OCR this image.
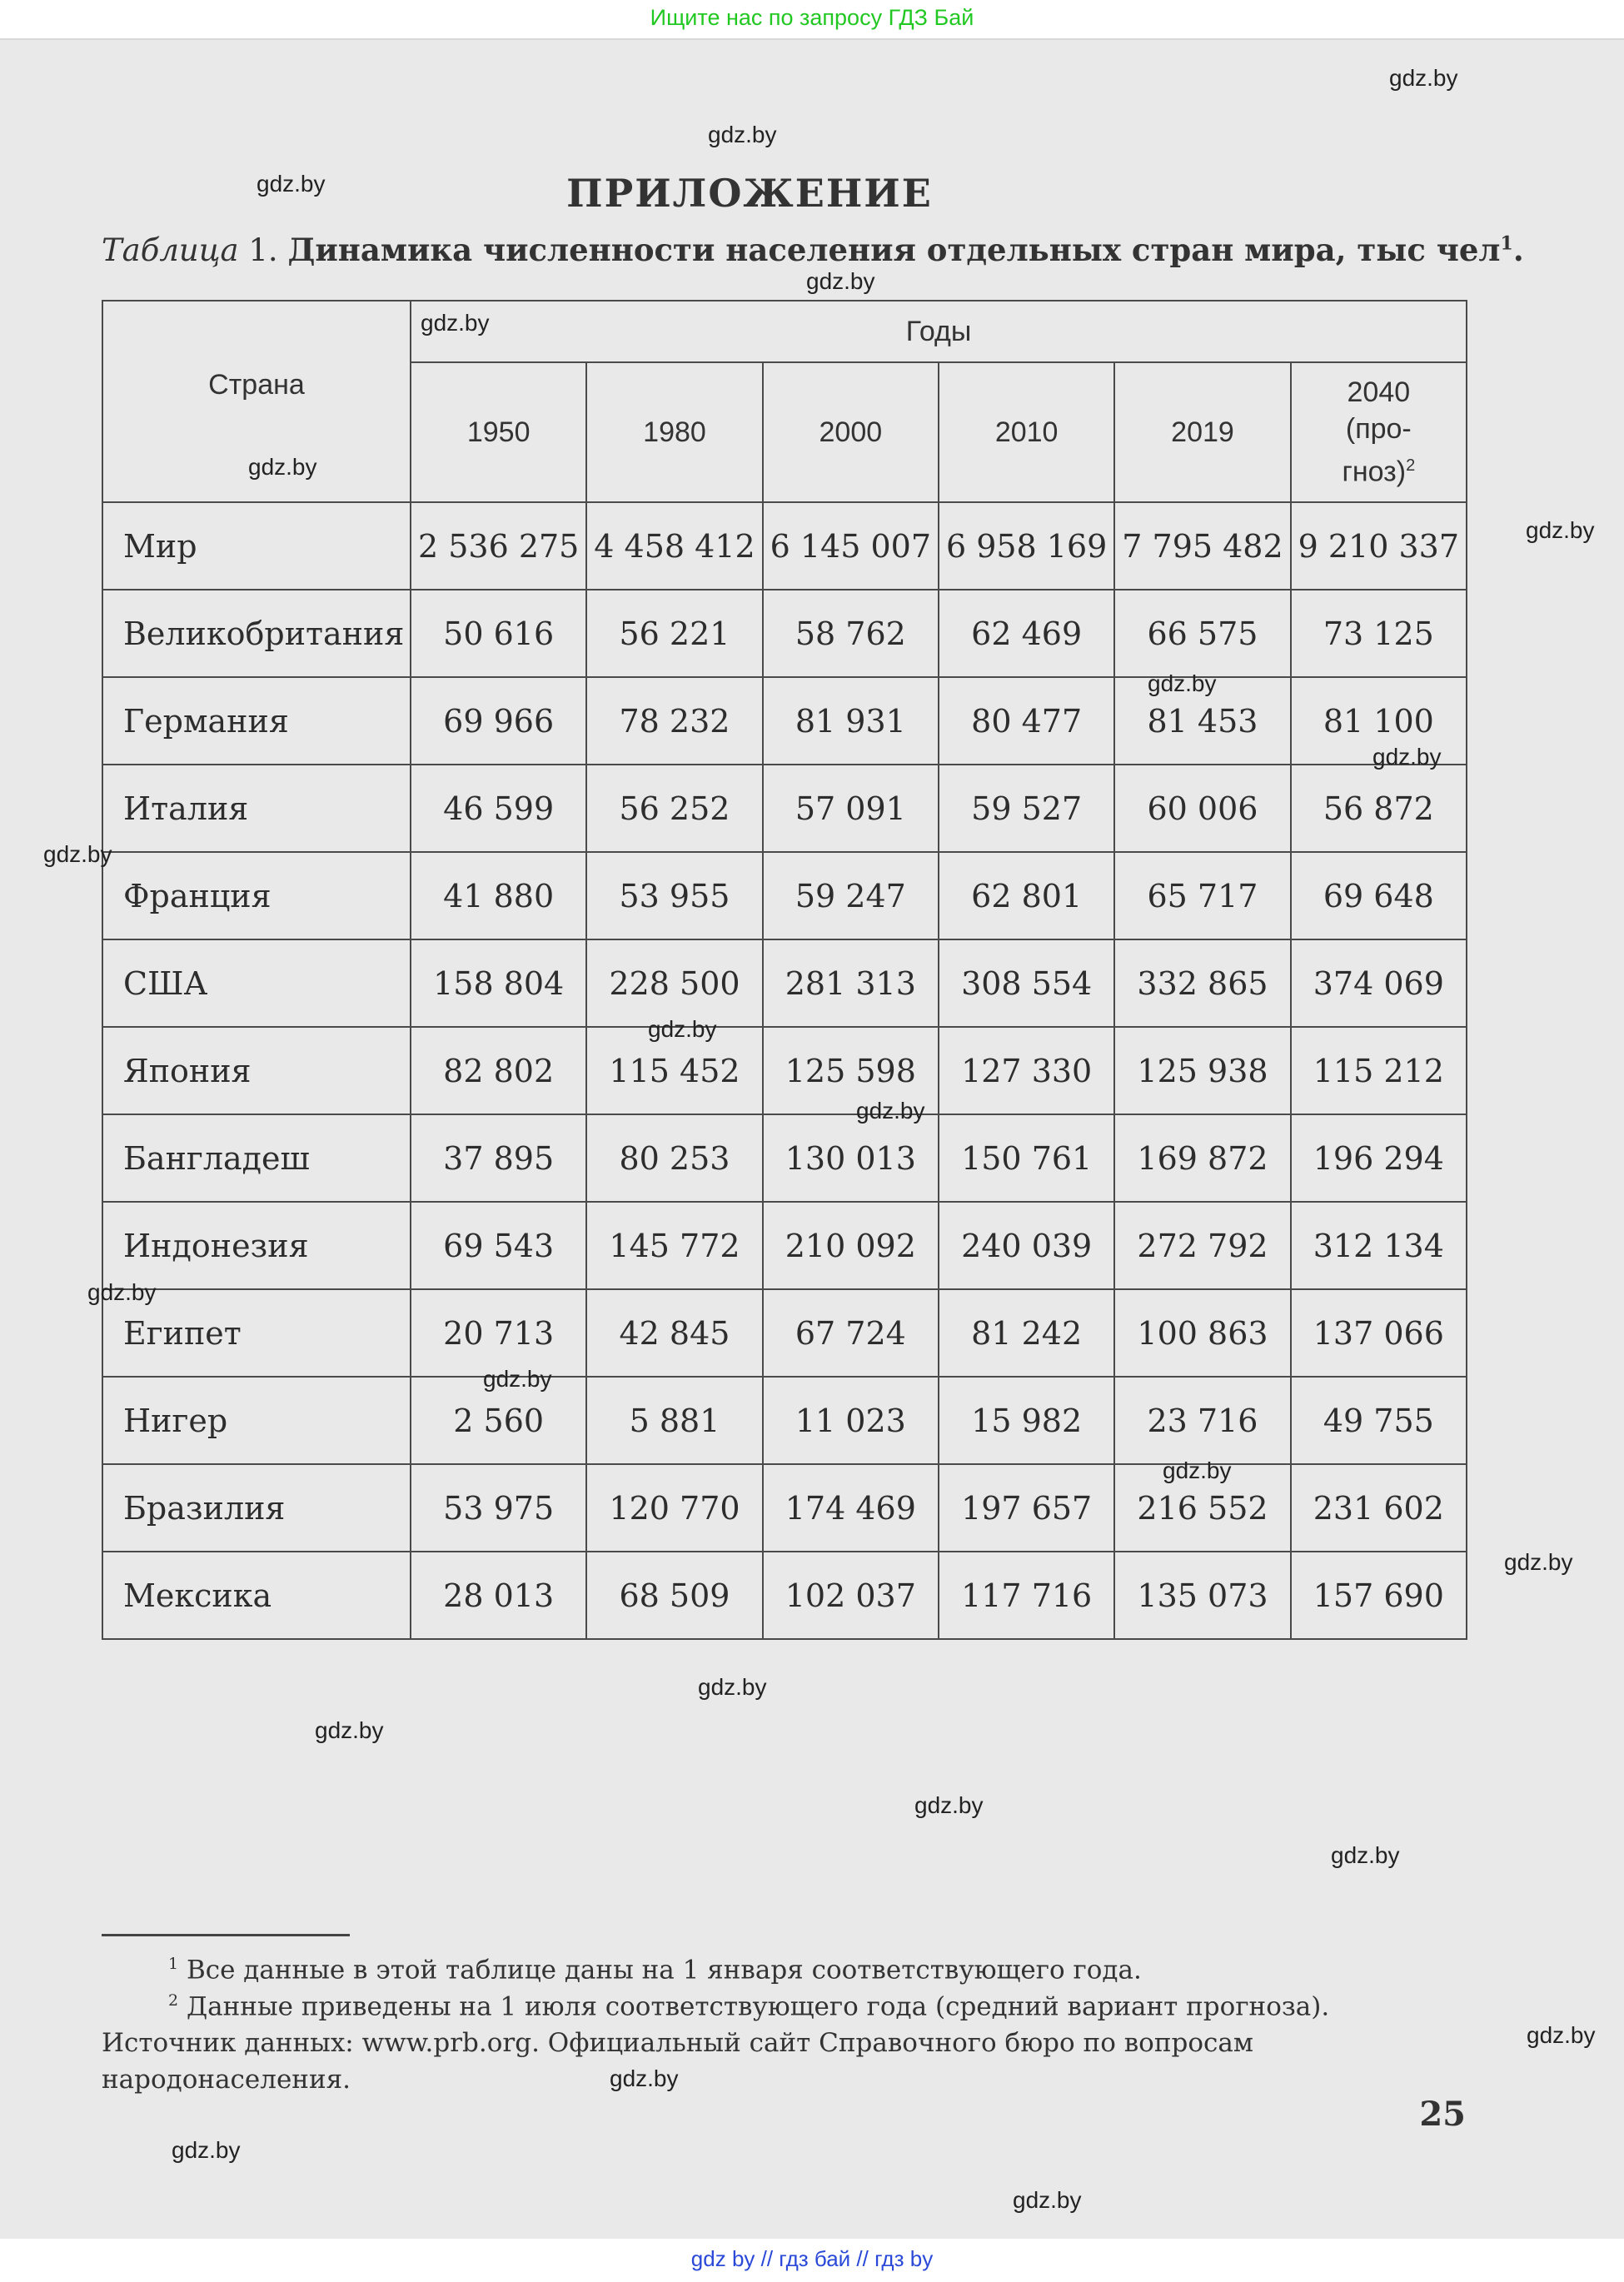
Ищите нас по запросу ГДЗ Бай
ПРИЛОЖЕНИЕ
Таблица 1. Динамика численности населения отдельных стран мира, тыс чел$^1$.
Страна	Годы					
	1950	1980	2000	2010	2019	2040
(про-
гноз)$^2$

Мир	2 536 275	4 458 412	6 145 007	6 958 169	7 795 482	9 210 337
Великобритания	50 616	56 221	58 762	62 469	66 575	73 125
Германия	69 966	78 232	81 931	80 477	81 453	81 100
Италия	46 599	56 252	57 091	59 527	60 006	56 872
Франция	41 880	53 955	59 247	62 801	65 717	69 648
США	158 804	228 500	281 313	308 554	332 865	374 069
Япония	82 802	115 452	125 598	127 330	125 938	115 212
Бангладеш	37 895	80 253	130 013	150 761	169 872	196 294
Индонезия	69 543	145 772	210 092	240 039	272 792	312 134
Египет	20 713	42 845	67 724	81 242	100 863	137 066
Нигер	2 560	5 881	11 023	15 982	23 716	49 755
Бразилия	53 975	120 770	174 469	197 657	216 552	231 602
Мексика	28 013	68 509	102 037	117 716	135 073	157 690
$^1$ Все данные в этой таблице даны на 1 января соответствующего года.
$^2$ Данные приведены на 1 июля соответствующего года (средний вариант прогноза). Источник данных: www.prb.org. Официальный сайт Справочного бюро по вопросам народонаселения.
25
gdz by // гдз бай // гдз by
gdz.by
gdz.by
gdz.by
gdz.by
gdz.by
gdz.by
gdz.by
gdz.by
gdz.by
gdz.by
gdz.by
gdz.by
gdz.by
gdz.by
gdz.by
gdz.by
gdz.by
gdz.by
gdz.by
gdz.by
gdz.by
gdz.by
gdz.by
gdz.by
